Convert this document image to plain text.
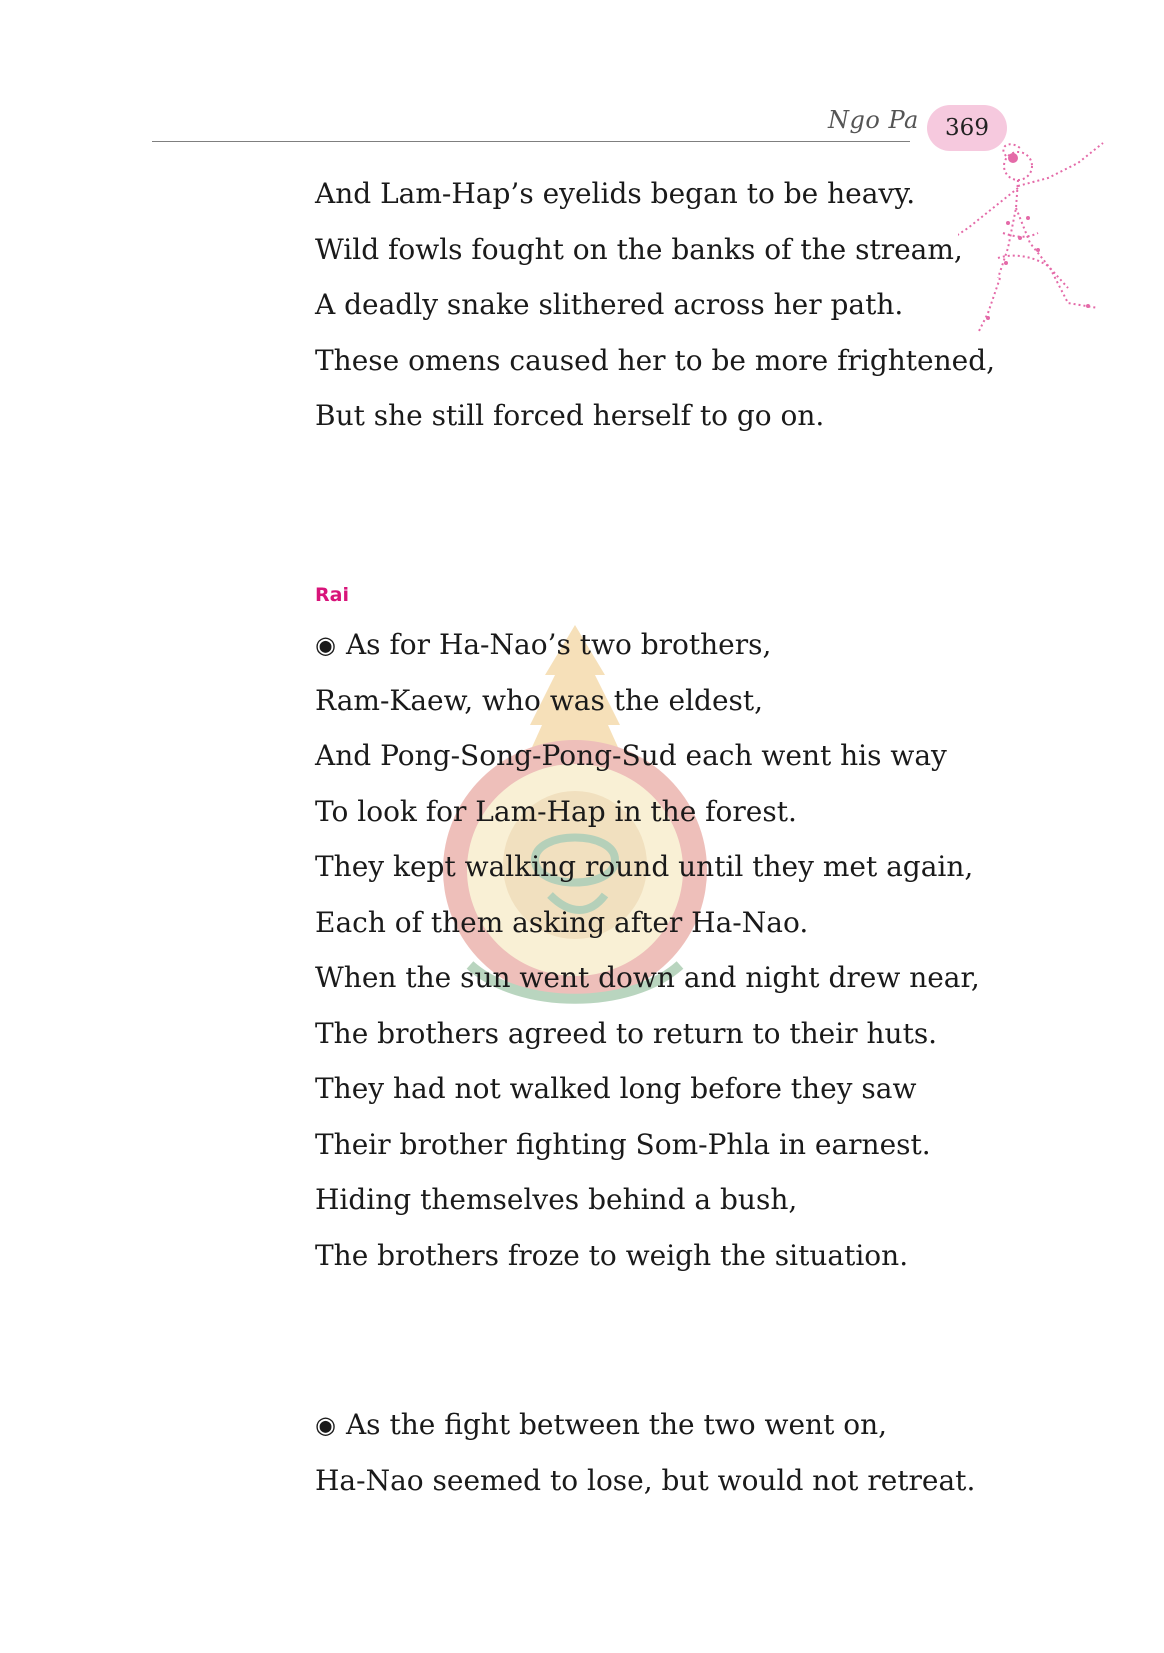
Ngo Pa	369
And Lam-Hap’s eyelids began to be heavy.
Wild fowls fought on the banks of the stream,
A deadly snake slithered across her path.
These omens caused her to be more frightened,
But she still forced herself to go on.
Rai
◉ As for Ha-Nao’s two brothers,
Ram-Kaew, who was the eldest,
And Pong-Song-Pong-Sud each went his way
To look for Lam-Hap in the forest.
They kept walking round until they met again,
Each of them asking after Ha-Nao.
When the sun went down and night drew near,
The brothers agreed to return to their huts.
They had not walked long before they saw
Their brother fighting Som-Phla in earnest.
Hiding themselves behind a bush,
The brothers froze to weigh the situation.
◉ As the fight between the two went on,
Ha-Nao seemed to lose, but would not retreat.
